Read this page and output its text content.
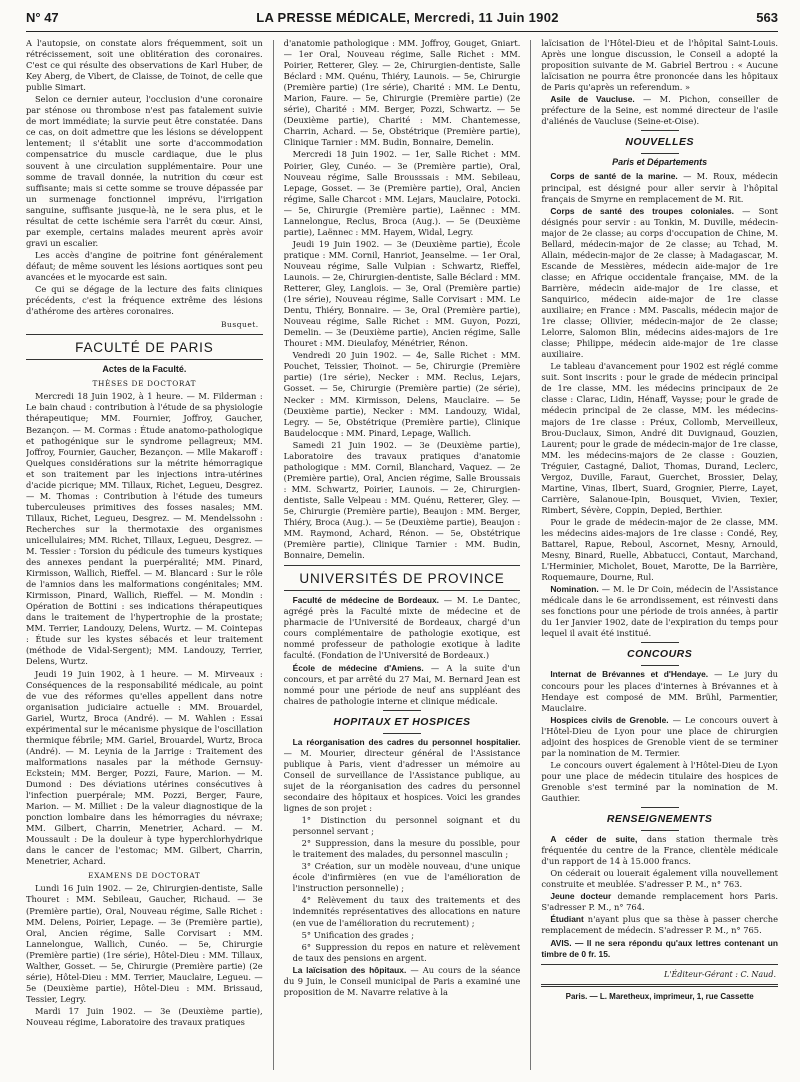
N° 47	LA PRESSE MÉDICALE, Mercredi, 11 Juin 1902	563

A l'autopsie, on constate alors fréquemment, soit un rétrécissement, soit une oblitération des coronaires. C'est ce qui résulte des observations de Karl Huber, de Key Aberg, de Vibert, de Claisse, de Toinot, de celle que publie Simart.

Selon ce dernier auteur, l'occlusion d'une coronaire par sténose ou thrombose n'est pas fatalement suivie de mort immédiate; la survie peut être constatée. Dans ce cas, on doit admettre que les lésions se développent lentement; il s'établit une sorte d'accommodation compensatrice du muscle cardiaque, due le plus souvent à une circulation supplémentaire. Pour une somme de travail donnée, la nutrition du cœur est suffisante; mais si cette somme se trouve dépassée par un surmenage fonctionnel imprévu, l'irrigation sanguine, suffisante jusque-là, ne le sera plus, et le résultat de cette ischémie sera l'arrêt du cœur. Ainsi, par exemple, certains malades meurent après avoir gravi un escalier.

Les accès d'angine de poitrine font généralement défaut; de même souvent les lésions aortiques sont peu avancées et le myocarde est sain.

Ce qui se dégage de la lecture des faits cliniques précédents, c'est la fréquence extrême des lésions d'athérome des artères coronaires.

Busquet.
FACULTÉ DE PARIS
Actes de la Faculté.
THÈSES DE DOCTORAT

Mercredi 18 Juin 1902, à 1 heure. — M. Filderman : Le bain chaud : contribution à l'étude de sa physiologie thérapeutique; MM. Fournier, Joffroy, Gaucher, Bezançon. — M. Cormas : Étude anatomo-pathologique et pathogénique sur le syndrome pellagreux; MM. Joffroy, Fournier, Gaucher, Bezançon. — Mlle Makaroff : Quelques considérations sur la métrite hémorragique et son traitement par les injections intra-utérines d'acide picrique; MM. Tillaux, Richet, Legueu, Desgrez. — M. Thomas : Contribution à l'étude des tumeurs tuberculeuses primitives des fosses nasales; MM. Tillaux, Richet, Legueu, Desgrez. — M. Mendelssohn : Recherches sur la thermotaxie des organismes unicellulaires; MM. Richet, Tillaux, Legueu, Desgrez. — M. Tessier : Torsion du pédicule des tumeurs kystiques des annexes pendant la puerpéralité; MM. Pinard, Kirmisson, Wallich, Rieffel. — M. Blancard : Sur le rôle de l'amnios dans les malformations congénitales; MM. Kirmisson, Pinard, Wallich, Rieffel. — M. Mondin : Opération de Bottini : ses indications thérapeutiques dans le traitement de l'hypertrophie de la prostate; MM. Terrier, Landouzy, Delens, Wurtz. — M. Cointepas : Étude sur les kystes sébacés et leur traitement (méthode de Vidal-Sergent); MM. Landouzy, Terrier, Delens, Wurtz.

Jeudi 19 Juin 1902, à 1 heure. — M. Mirveaux : Conséquences de la responsabilité médicale, au point de vue des réformes qu'elles appellent dans notre organisation judiciaire actuelle : MM. Brouardel, Gariel, Wurtz, Broca (André). — M. Wahlen : Essai expérimental sur le mécanisme physique de l'oscillation thermique fébrile; MM. Gariel, Brouardel, Wurtz, Broca (André). — M. Leynia de la Jarrige : Traitement des malformations nasales par la méthode Gernsuy-Eckstein; MM. Berger, Pozzi, Faure, Marion. — M. Dumond : Des déviations utérines consécutives à l'infection puerpérale; MM. Pozzi, Berger, Faure, Marion. — M. Milliet : De la valeur diagnostique de la ponction lombaire dans les hémorragies du névraxe; MM. Gilbert, Charrin, Menetrier, Achard. — M. Moussault : De la douleur à type hyperchlorhydrique dans le cancer de l'estomac; MM. Gilbert, Charrin, Menetrier, Achard.

EXAMENS DE DOCTORAT

Lundi 16 Juin 1902. — 2e, Chirurgien-dentiste, Salle Thouret : MM. Sebileau, Gaucher, Richaud. — 3e (Première partie), Oral, Nouveau régime, Salle Richet : MM. Delens, Poirier, Lepage. — 3e (Première partie), Oral, Ancien régime, Salle Corvisart : MM. Lannelongue, Wallich, Cunéo. — 5e, Chirurgie (Première partie) (1re série), Hôtel-Dieu : MM. Tillaux, Walther, Gosset. — 5e, Chirurgie (Première partie) (2e série), Hôtel-Dieu : MM. Terrier, Mauclaire, Legueu. — 5e (Deuxième partie), Hôtel-Dieu : MM. Brissaud, Tessier, Legry.

Mardi 17 Juin 1902. — 3e (Deuxième partie), Nouveau régime, Laboratoire des travaux pratiques

d'anatomie pathologique : MM. Joffroy, Gouget, Gniart. — 1er Oral, Nouveau régime, Salle Richet : MM. Poirier, Retterer, Gley. — 2e, Chirurgien-dentiste, Salle Béclard : MM. Quénu, Thiéry, Launois. — 5e, Chirurgie (Première partie) (1re série), Charité : MM. Le Dentu, Marion, Faure. — 5e, Chirurgie (Première partie) (2e série), Charité : MM. Berger, Pozzi, Schwartz. — 5e (Deuxième partie), Charité : MM. Chantemesse, Charrin, Achard. — 5e, Obstétrique (Première partie), Clinique Tarnier : MM. Budin, Bonnaire, Demelin.

Mercredi 18 Juin 1902. — 1er, Salle Richet : MM. Poirier, Gley, Cunéo. — 3e (Première partie), Oral, Nouveau régime, Salle Brousssais : MM. Sebileau, Lepage, Gosset. — 3e (Première partie), Oral, Ancien régime, Salle Charcot : MM. Lejars, Mauclaire, Potocki. — 5e, Chirurgie (Première partie), Laënnec : MM. Lannelongue, Reclus, Broca (Aug.). — 5e (Deuxième partie), Laënnec : MM. Hayem, Widal, Legry.

Jeudi 19 Juin 1902. — 3e (Deuxième partie), École pratique : MM. Cornil, Hanriot, Jeanselme. — 1er Oral, Nouveau régime, Salle Vulpian : Schwartz, Rieffel, Launois. — 2e, Chirurgien-dentiste, Salle Béclard : MM. Retterer, Gley, Langlois. — 3e, Oral (Première partie) (1re série), Nouveau régime, Salle Corvisart : MM. Le Dentu, Thiéry, Bonnaire. — 3e, Oral (Première partie), Nouveau régime, Salle Richet : MM. Guyon, Pozzi, Demelin. — 3e (Deuxième partie), Ancien régime, Salle Thouret : MM. Dieulafoy, Ménétrier, Rénon.

Vendredi 20 Juin 1902. — 4e, Salle Richet : MM. Pouchet, Teissier, Thoinot. — 5e, Chirurgie (Première partie) (1re série), Necker : MM. Reclus, Lejars, Gosset. — 5e, Chirurgie (Première partie) (2e série), Necker : MM. Kirmisson, Delens, Mauclaire. — 5e (Deuxième partie), Necker : MM. Landouzy, Widal, Legry. — 5e, Obstétrique (Première partie), Clinique Baudelocque : MM. Pinard, Lepage, Wallich.

Samedi 21 Juin 1902. — 3e (Deuxième partie), Laboratoire des travaux pratiques d'anatomie pathologique : MM. Cornil, Blanchard, Vaquez. — 2e (Première partie), Oral, Ancien régime, Salle Broussais : MM. Schwartz, Poirier, Launois. — 2e, Chirurgien-dentiste, Salle Velpeau : MM. Quénu, Retterer, Gley. — 5e, Chirurgie (Première partie), Beaujon : MM. Berger, Thiéry, Broca (Aug.). — 5e (Deuxième partie), Beaujon : MM. Raymond, Achard, Rénon. — 5e, Obstétrique (Première partie), Clinique Tarnier : MM. Budin, Bonnaire, Demelin.

UNIVERSITÉS DE PROVINCE

Faculté de médecine de Bordeaux. — M. Le Dantec, agrégé près la Faculté mixte de médecine et de pharmacie de l'Université de Bordeaux, chargé d'un cours complémentaire de pathologie exotique, est nommé professeur de pathologie exotique à ladite faculté. (Fondation de l'Université de Bordeaux.)

École de médecine d'Amiens. — A la suite d'un concours, et par arrêté du 27 Mai, M. Bernard Jean est nommé pour une période de neuf ans suppléant des chaires de pathologie interne et clinique médicale.

HOPITAUX ET HOSPICES

La réorganisation des cadres du personnel hospitalier. — M. Mourier, directeur général de l'Assistance publique à Paris, vient d'adresser un mémoire au Conseil de surveillance de l'Assistance publique, au sujet de la réorganisation des cadres du personnel secondaire des hôpitaux et hospices. Voici les grandes lignes de son projet :

1° Distinction du personnel soignant et du personnel servant ;

2° Suppression, dans la mesure du possible, pour le traitement des malades, du personnel masculin ;

3° Création, sur un modèle nouveau, d'une unique école d'infirmières (en vue de l'amélioration de l'instruction personnelle) ;

4° Relèvement du taux des traitements et des indemnités représentatives des allocations en nature (en vue de l'amélioration du recrutement) ;

5° Unification des grades ;

6° Suppression du repos en nature et relèvement de taux des pensions en argent.

La laïcisation des hôpitaux. — Au cours de la séance du 9 Juin, le Conseil municipal de Paris a examiné une proposition de M. Navarre relative à la

laïcisation de l'Hôtel-Dieu et de l'hôpital Saint-Louis. Après une longue discussion, le Conseil a adopté la proposition suivante de M. Gabriel Bertrou : « Aucune laïcisation ne pourra être prononcée dans les hôpitaux de Paris qu'après un referendum. »

Asile de Vaucluse. — M. Pichon, conseiller de préfecture de la Seine, est nommé directeur de l'asile d'aliénés de Vaucluse (Seine-et-Oise).

NOUVELLES
Paris et Départements

Corps de santé de la marine. — M. Roux, médecin principal, est désigné pour aller servir à l'hôpital français de Smyrne en remplacement de M. Rit.

Corps de santé des troupes coloniales. — Sont désignés pour servir : au Tonkin, M. Duville, médecin-major de 2e classe; au corps d'occupation de Chine, M. Bellard, médecin-major de 2e classe; au Tchad, M. Allain, médecin-major de 2e classe; à Madagascar, M. Escande de Messières, médecin aide-major de 1re classe; en Afrique occidentale française, MM. de la Barrière, médecin aide-major de 1re classe, et Sanquirico, médecin aide-major de 1re classe auxiliaire; en France : MM. Pascalis, médecin major de 1re classe; Ollivier, médecin-major de 2e classe; Lelorre, Salomon Blin, médecins aides-majors de 1re classe; Philippe, médecin aide-major de 1re classe auxiliaire.

Le tableau d'avancement pour 1902 est réglé comme suit. Sont inscrits : pour le grade de médecin principal de 1re classe, MM. les médecins principaux de 2e classe : Clarac, Lidin, Hénaff, Vaysse; pour le grade de médecin principal de 2e classe, MM. les médecins-majors de 1re classe : Préux, Collomb, Merveilleux, Brou-Duclaux, Simon, André dit Duvignaud, Gouzien, Laurent; pour le grade de médecin-major de 1re classe, MM. les médecins-majors de 2e classe : Gouzien, Tréguier, Castagné, Daliot, Thomas, Durand, Leclerc, Vergoz, Duville, Faraut, Guerchet, Brossier, Delay, Martine, Vinas, Ilbert, Suard, Grognier, Pierre, Layet, Carrière, Salanoue-Ipin, Bousquet, Vivien, Texier, Rimbert, Sévère, Coppin, Depied, Berthier.

Pour le grade de médecin-major de 2e classe, MM. les médecins aides-majors de 1re classe : Condé, Rey, Battarel, Rapue, Reboul, Ascornet, Mesny, Arnould, Mesny, Binard, Ruelle, Abbatucci, Contaut, Marchand, L'Herminier, Micholet, Bouet, Marotte, De la Barrière, Roquemaure, Dourne, Rul.

Nomination. — M. le Dr Coin, médecin de l'Assistance médicale dans le 6e arrondissement, est réinvesti dans ses fonctions pour une période de trois années, à partir du 1er Janvier 1902, date de l'expiration du temps pour lequel il avait été institué.

CONCOURS

Internat de Brévannes et d'Hendaye. — Le jury du concours pour les places d'internes à Brévannes et à Hendaye est composé de MM. Brühl, Parmentier, Mauclaire.

Hospices civils de Grenoble. — Le concours ouvert à l'Hôtel-Dieu de Lyon pour une place de chirurgien adjoint des hospices de Grenoble vient de se terminer par la nomination de M. Termier.

Le concours ouvert également à l'Hôtel-Dieu de Lyon pour une place de médecin titulaire des hospices de Grenoble s'est terminé par la nomination de M. Gauthier.

RENSEIGNEMENTS

A céder de suite, dans station thermale très fréquentée du centre de la France, clientèle médicale d'un rapport de 14 à 15.000 francs.

On céderait ou louerait également villa nouvellement construite et meublée. S'adresser P. M., n° 763.

Jeune docteur demande remplacement hors Paris. S'adresser P. M., n° 764.

Étudiant n'ayant plus que sa thèse à passer cherche remplacement de médecin. S'adresser P. M., n° 765.

AVIS. — Il ne sera répondu qu'aux lettres contenant un timbre de 0 fr. 15.

L'Éditeur-Gérant : C. Naud.
Paris. — L. Maretheux, imprimeur, 1, rue Cassette
